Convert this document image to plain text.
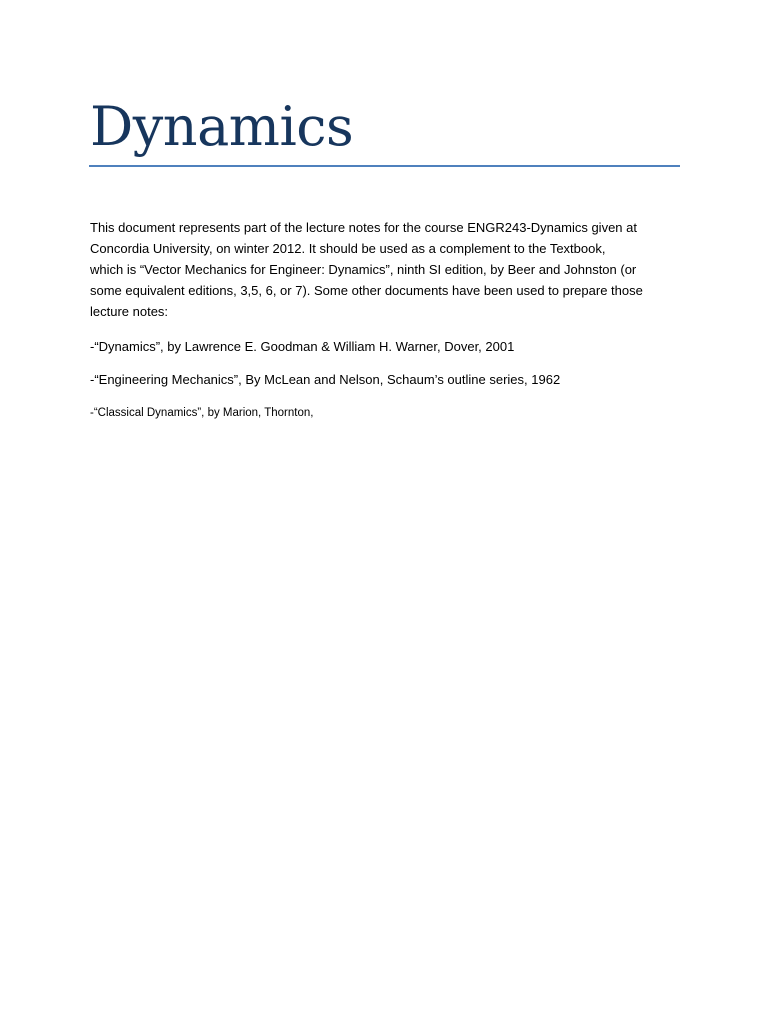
Dynamics
This document represents part of the lecture notes for the course ENGR243-Dynamics given at
Concordia University, on winter 2012. It should be used as a complement to the Textbook,
which is “Vector Mechanics for Engineer: Dynamics”, ninth SI edition, by Beer and Johnston (or
some equivalent editions, 3,5, 6, or 7). Some other documents have been used to prepare those
lecture notes:

-“Dynamics”, by Lawrence E. Goodman & William H. Warner, Dover, 2001

-“Engineering Mechanics”, By McLean and Nelson, Schaum’s outline series, 1962

-“Classical Dynamics”, by Marion, Thornton,
